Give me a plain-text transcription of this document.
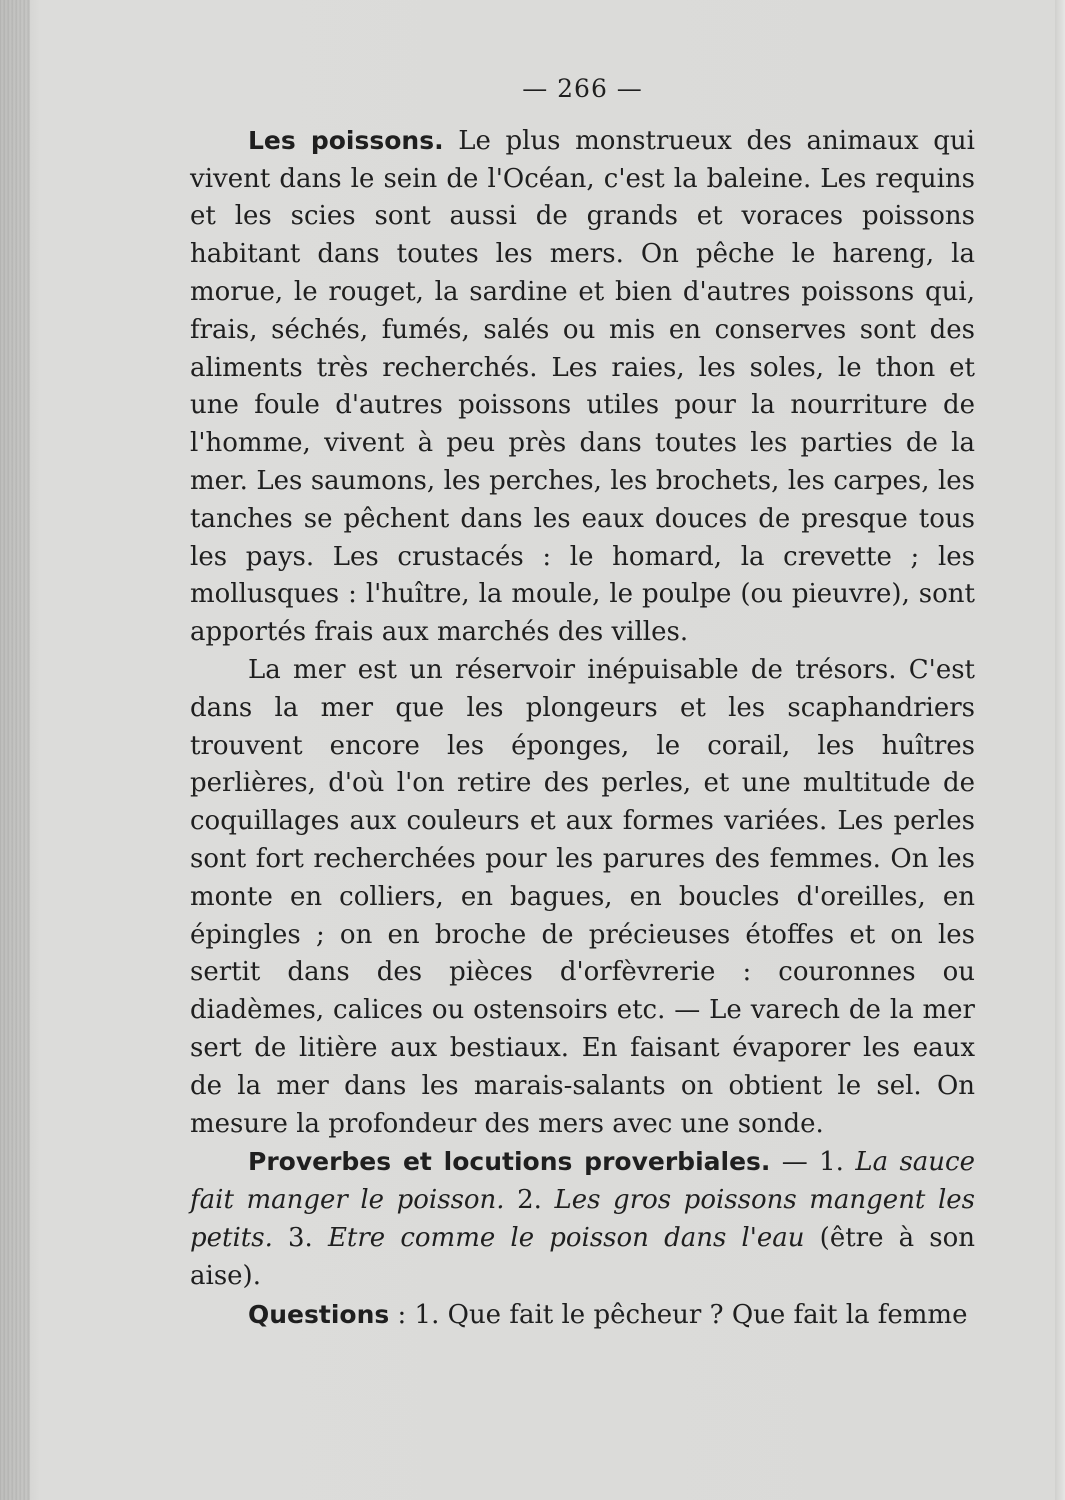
— 266 —

Les poissons. Le plus monstrueux des animaux qui vivent dans le sein de l'Océan, c'est la baleine. Les requins et les scies sont aussi de grands et voraces poissons habitant dans toutes les mers. On pêche le hareng, la morue, le rouget, la sardine et bien d'autres poissons qui, frais, séchés, fumés, salés ou mis en conserves sont des aliments très recherchés. Les raies, les soles, le thon et une foule d'autres poissons utiles pour la nourriture de l'homme, vivent à peu près dans toutes les parties de la mer. Les saumons, les perches, les brochets, les carpes, les tanches se pêchent dans les eaux douces de presque tous les pays. Les crustacés : le homard, la crevette ; les mollusques : l'huître, la moule, le poulpe (ou pieuvre), sont apportés frais aux marchés des villes.

La mer est un réservoir inépuisable de trésors. C'est dans la mer que les plongeurs et les scaphandriers trouvent encore les éponges, le corail, les huîtres perlières, d'où l'on retire des perles, et une multitude de coquillages aux couleurs et aux formes variées. Les perles sont fort recherchées pour les parures des femmes. On les monte en colliers, en bagues, en boucles d'oreilles, en épingles ; on en broche de précieuses étoffes et on les sertit dans des pièces d'orfèvrerie : couronnes ou diadèmes, calices ou ostensoirs etc. — Le varech de la mer sert de litière aux bestiaux. En faisant évaporer les eaux de la mer dans les marais-salants on obtient le sel. On mesure la profondeur des mers avec une sonde.

Proverbes et locutions proverbiales. — 1. La sauce fait manger le poisson. 2. Les gros poissons mangent les petits. 3. Etre comme le poisson dans l'eau (être à son aise).

Questions : 1. Que fait le pêcheur ? Que fait la femme
